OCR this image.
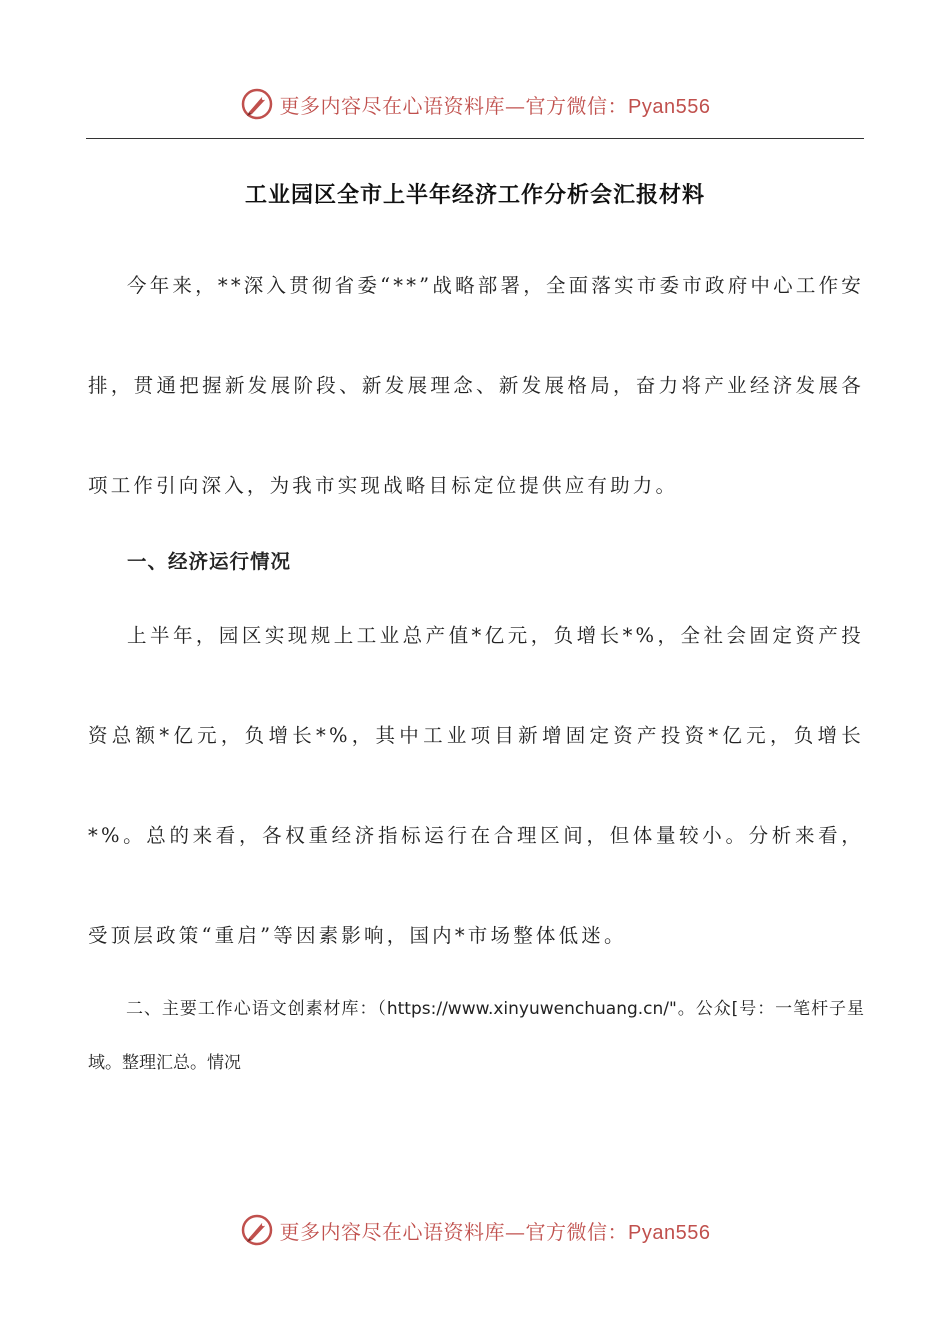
更多内容尽在心语资料库—官方微信：Pyan556
工业园区全市上半年经济工作分析会汇报材料

今年来，**深入贯彻省委“**”战略部署，全面落实市委市政府中心工作安排，贯通把握新发展阶段、新发展理念、新发展格局，奋力将产业经济发展各项工作引向深入，为我市实现战略目标定位提供应有助力。

一、经济运行情况

上半年，园区实现规上工业总产值*亿元，负增长*%，全社会固定资产投资总额*亿元，负增长*%，其中工业项目新增固定资产投资*亿元，负增长*%。总的来看，各权重经济指标运行在合理区间，但体量较小。分析来看，受顶层政策“重启”等因素影响，国内*市场整体低迷。

二、主要工作心语文创素材库：（https://www.xinyuwenchuang.cn/"。公众[号：一笔杆子星域。整理汇总。情况

更多内容尽在心语资料库—官方微信：Pyan556
